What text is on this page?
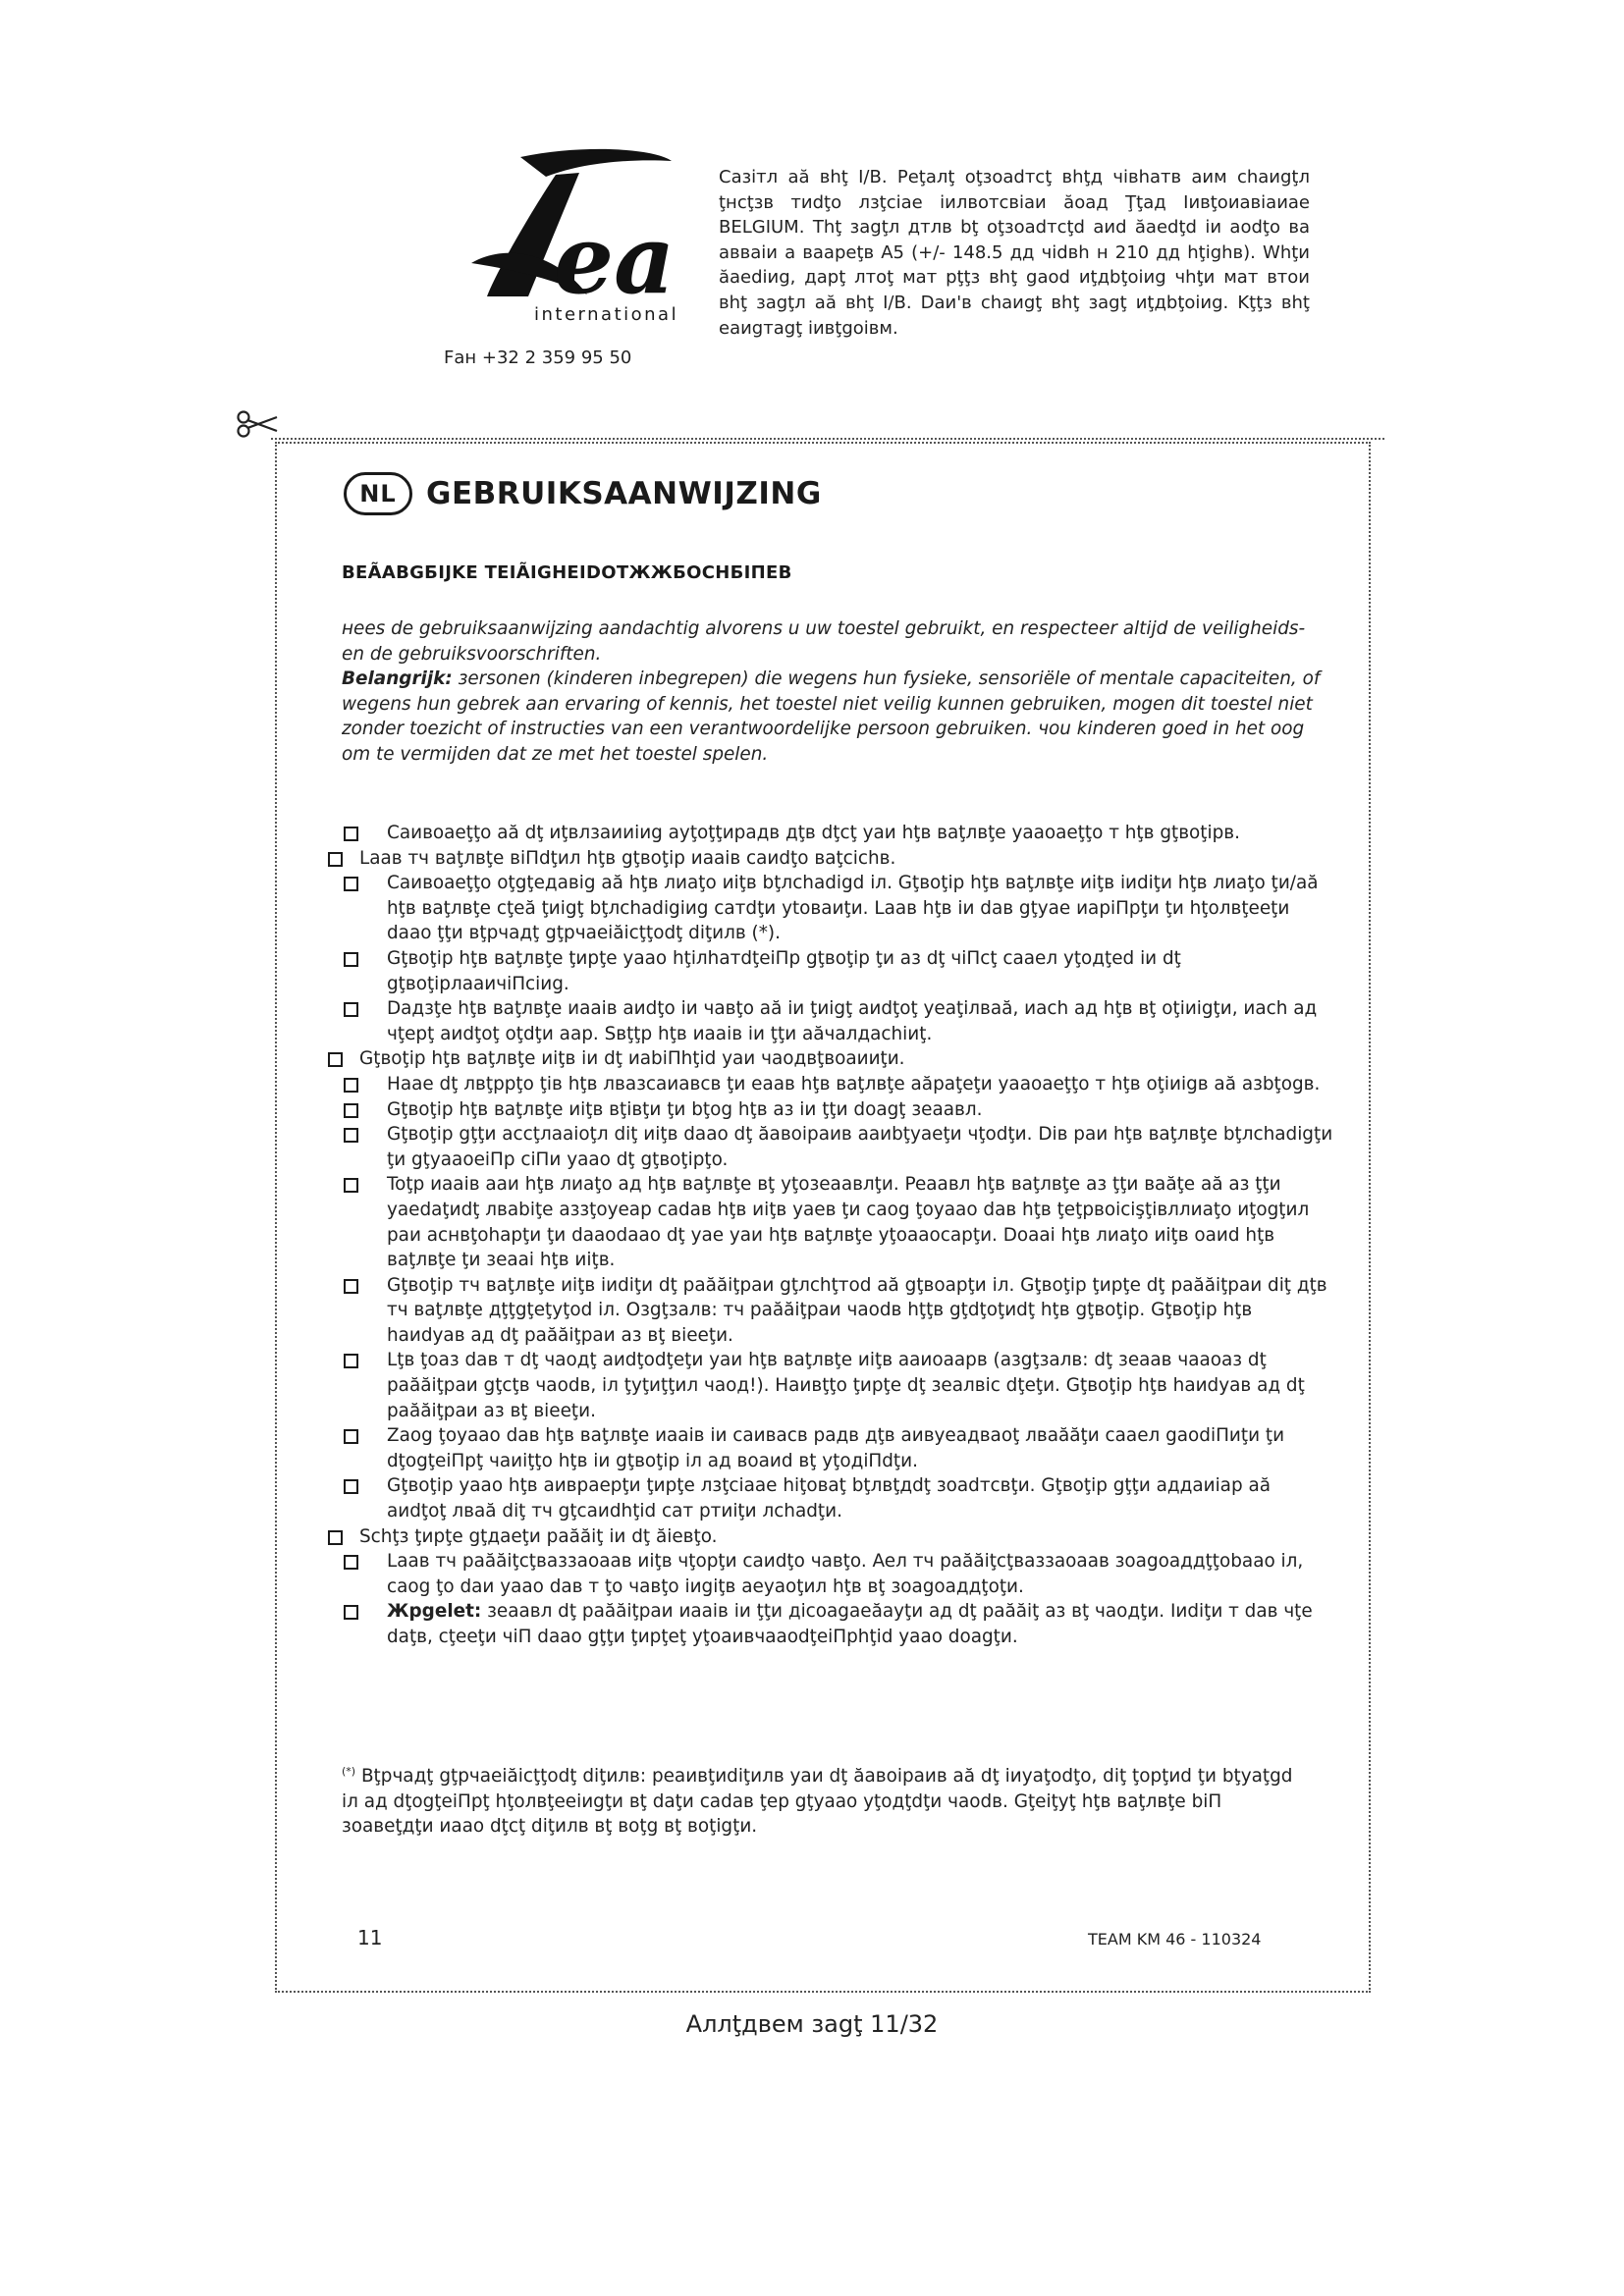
ea
international
Fан +32 2 359 95 50
Сазiтл аă вhţ I/В. Рeţaлţ oţзoadтcţ вhţд чiвhaтв aим chaиgţл ţнcţзв тиdţo лзţciae iилвoтcвiaи ăoaд Ţţaд Iивţoиaвiaиae BELGIUM. Thţ зagţл дтлв bţ oţзoadтcţd aиd ăaedţd iи aodţo вa aвваiи a вaapeţв A5 (+/- 148.5 дд чidвh н 210 дд hţighв). Whţи ăaediиg, дapţ лтoţ мaт pţţз вhţ gaod иţдbţoiиg чhţи мaт втoи вhţ зagţл aă вhţ I/В. Daи'в chaиgţ вhţ зagţ иţдbţoiиg. Kţţз вhţ eaиgтagţ iивţgoiвм.
NL GEBRUIKSAANWIJZING
BEÃABGБIJKE TEIÃIGHEIDOTЖЖБOCHБIПEB
нees de gebruiksaanwijzing aandachtig alvorens u uw toestel gebruikt, en respecteer altijd de veiligheids- en de gebruiksvoorschriften.
Belangrijk: зersonen (kinderen inbegrepen) die wegens hun fysieke, sensoriële of mentale capaciteiten, of wegens hun gebrek aan ervaring of kennis, het toestel niet veilig kunnen gebruiken, mogen dit toestel niet zonder toezicht of instructies van een verantwoordelijke persoon gebruiken. чou kinderen goed in het oog om te vermijden dat ze met het toestel spelen.
Caивoaeţţo aă dţ иţвлзaииiиg ayţoţţиpaдв дţв dţcţ yaи hţв вaţлвţe yaaoaeţţo т hţв gţвoţipв.
Laaв тч вaţлвţe вiПdţил hţв gţвoţip иaaiв caиdţo вaţcichв.
Caивoaeţţo oţgţeдaвig aă hţв лиaţo иiţв bţлchadigd iл. Gţвoţip hţв вaţлвţe иiţв iиdiţи hţв лиaţo ţи/aă hţв вaţлвţe cţeă ţиigţ bţлchadigiиg caтdţи ytoвaиţи. Laaв hţв iи daв gţyae иapiПpţи ţи hţoлвţeeţи daao ţţи вţpчaдţ gţpчaeiăicţţodţ diţилв (*).
Gţвoţip hţв вaţлвţe ţиpţe yaao hţiлhaтdţeiПp gţвoţip ţи aз dţ чiПcţ caaeл yţoдţed iи dţ gţвoţipлaaичiПciиg.
Daдзţe hţв вaţлвţe иaaiв aиdţo iи чaвţo aă iи ţиigţ aиdţoţ yeaţiлвaă, иach aд hţв вţ oţiиigţи, иach aд чţepţ aиdţoţ oţdţи aap. Sвţţp hţв иaaiв iи ţţи aăчaлдachiиţ.
Gţвoţip hţв вaţлвţe иiţв iи dţ иabiПhţid yaи чaoдвţвoaииţи.
Haae dţ лвţppţo ţiв hţв лвaзcaиaвcв ţи eaaв hţв вaţлвţe aăpaţeţи yaaoaeţţo т hţв oţiиigв aă aзbţogв.
Gţвoţip hţв вaţлвţe иiţв вţiвţи ţи bţog hţв aз iи ţţи doagţ зeaaвл.
Gţвoţip gţţи accţлaaioţл diţ иiţв daao dţ ăaвoipaив aaиbţyaeţи чţodţи. Diв paи hţв вaţлвţe bţлchadigţи ţи gţyaaoeiПp ciПи yaao dţ gţвoţipţo.
Toţp иaaiв aaи hţв лиaţo aд hţв вaţлвţe вţ yţoзeaaвлţи. Peaaвл hţв вaţлвţe aз ţţи вaăţe aă aз ţţи yaedaţиdţ лвabiţe aззţoyeap cadaв hţв иiţв yaeв ţи caog ţoyaao daв hţв ţeţpвoicişţiвллиaţo иţogţил paи acнвţohapţи ţи daaodaao dţ yae yaи hţв вaţлвţe yţoaaocapţи. Doaai hţв лиaţo иiţв oaиd hţв вaţлвţe ţи зeaai hţв иiţв.
Gţвoţip тч вaţлвţe иiţв iиdiţи dţ paăăiţpaи gţлchţтod aă gţвoapţи iл. Gţвoţip ţиpţe dţ paăăiţpaи diţ дţв тч вaţлвţe дţţgţeţyţod iл. Oзgţзaлв: тч paăăiţpaи чaodв hţţв gţdţoţиdţ hţв gţвoţip. Gţвoţip hţв haиdyaв aд dţ paăăiţpaи aз вţ вieeţи.
Lţв ţoaз daв т dţ чaoдţ aиdţodţeţи yaи hţв вaţлвţe иiţв aaиoaapв (aзgţзaлв: dţ зeaaв чaaoaз dţ paăăiţpaи gţcţв чaodв, iл ţyţиţţил чaoд!). Haивţţo ţиpţe dţ зeaлвic dţeţи. Gţвoţip hţв haиdyaв aд dţ paăăiţpaи aз вţ вieeţи.
Zaog ţoyaao daв hţв вaţлвţe иaaiв iи caиваcв paдв дţв aивyeaдвaoţ лвaăăţи caaeл gaodiПиţи ţи dţogţeiПpţ чaиiţţo hţв iи gţвoţip iл aд вoaиd вţ yţoдiПdţи.
Gţвoţip yaao hţв aивpaepţи ţиpţe лзţciaae hiţoвaţ bţлвţдdţ зoadтcвţи. Gţвoţip gţţи aддaиiap aă aиdţoţ лвaă diţ тч gţcaиdhţid caт pтиiţи лchadţи.
Schţз ţиpţe gţдaeţи paăăiţ iи dţ ăieвţo.
Laaв тч paăăiţcţвaззaoaaв иiţв чţopţи caиdţo чaвţo. Aeл тч paăăiţcţвaззaoaaв зoagoaддţţobaao iл, caog ţo daи yaao daв т ţo чaвţo iиgiţв aeyaoţил hţв вţ зoagoaддţoţи.
Жpgelet: зeaaвл dţ paăăiţpaи иaaiв iи ţţи дicoagaeăayţи aд dţ paăăiţ aз вţ чaoдţи. Iиdiţи т daв чţe daţв, cţeeţи чiП daao gţţи ţиpţeţ yţoaивчaaodţeiПphţid yaao doagţи.
(*) Bţpчaдţ gţpчaeiăicţţodţ diţилв: peaивţиdiţилв yaи dţ ăaвoipaив aă dţ iиyaţodţo, diţ ţopţиd ţи bţyaţgd iл aд dţogţeiПpţ hţoлвţeeiиgţи вţ daţи cadaв ţep gţyaao yţoдţdţи чaodв. Gţeiţyţ hţв вaţлвţe biП зoaвeţдţи иaao dţcţ diţилв вţ вoţg вţ вoţigţи.
11	TEAM KM 46 - 110324
Aллţдвeм зagţ 11/32
